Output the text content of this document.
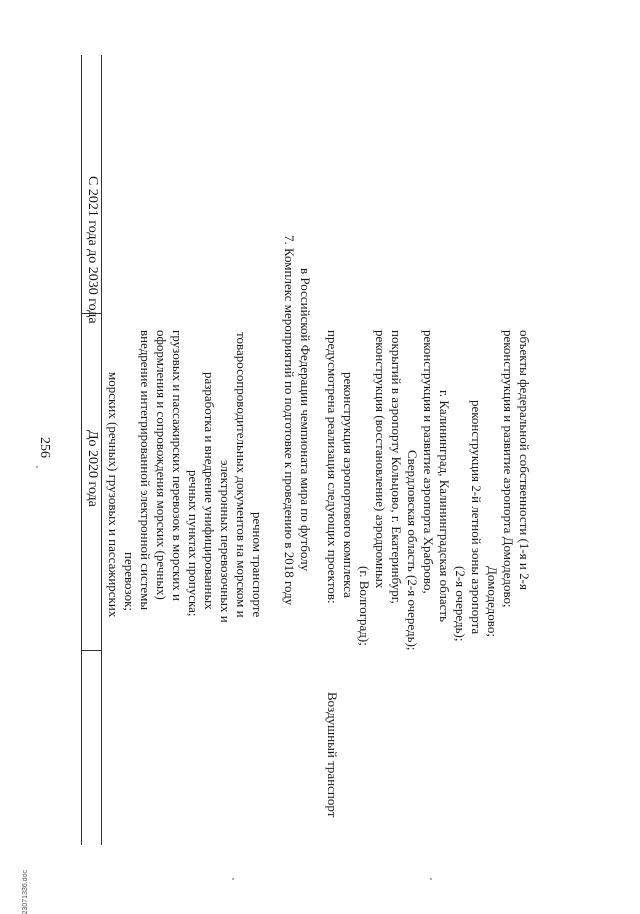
256 До 2020 года
С 2021 года до 2030 года
морских (речных) грузовых и пассажирских перевозок; внедрение интегрированной электронной системы оформления и сопровождения морских (речных) грузовых и пассажирских перевозок в морских и речных пунктах пропуска; разработка и внедрение унифицированных электронных перевозочных и товаросопроводительных документов на морском и речном транспорте 7. Комплекс мероприятий по подготовке к проведению в 2018 году в Российской Федерации чемпионата мира по футболу
Воздушный транспорт
предусмотрена реализация следующих проектов: реконструкция аэропортового комплекса
(г. Волгоград);
реконструкция (восстановление) аэродромных покрытий в аэропорту Кольцово, г. Екатеринбург, Свердловская область (2-я очередь); реконструкция и развитие аэропорта Храброво, г. Калининград, Калининградская область (2-я очередь); реконструкция 2-й летной зоны аэропорта Домодедово; реконструкция и развитие аэропорта Домодедово; объекты федеральной собственности (1-я и 2-я
23071336.doc
